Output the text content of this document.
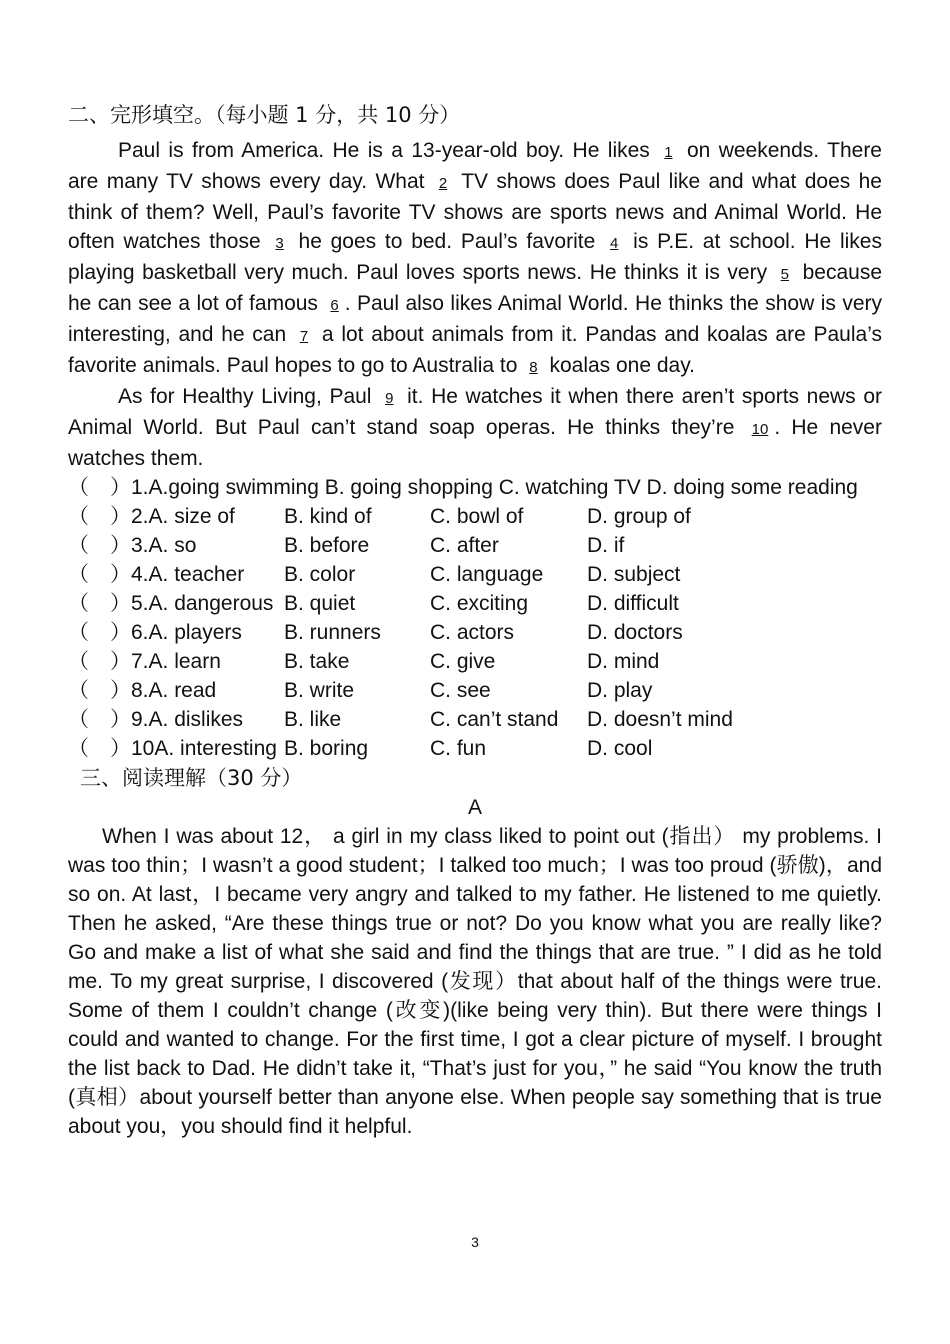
二、完形填空。（每小题 1 分，共 10 分）
Paul is from America. He is a 13-year-old boy. He likes 1 on weekends. There are many TV shows every day. What 2 TV shows does Paul like and what does he think of them? Well, Paul’s favorite TV shows are sports news and Animal World. He often watches those 3 he goes to bed. Paul’s favorite 4 is P.E. at school. He likes playing basketball very much. Paul loves sports news. He thinks it is very 5 because he can see a lot of famous 6 . Paul also likes Animal World. He thinks the show is very interesting, and he can 7 a lot about animals from it. Pandas and koalas are Paula’s favorite animals. Paul hopes to go to Australia to 8 koalas one day.
As for Healthy Living, Paul 9 it. He watches it when there aren’t sports news or Animal World. But Paul can’t stand soap operas. He thinks they’re 10 . He never watches them.
（　）1.A.going swimming B. going shopping C. watching TV D. doing some reading
（　）2.A. size of B. kind of	C. bowl of	D. group of
（　）3.A. so	B. before	C. after	D. if
（　）4.A. teacher B. color	C. language D. subject
（　）5.A. dangerous B. quiet	C. exciting	D. difficult
（　）6.A. players B. runners C. actors	D. doctors
（　）7.A. learn	B. take	C. give	D. mind
（　）8.A. read	B. write	C. see	D. play
（　）9.A. dislikes B. like	C. can’t stand D. doesn’t mind
（　）10A. interesting B. boring	C. fun	D. cool
三、阅读理解（30 分）
A
When I was about 12， a girl in my class liked to point out (指出） my problems. I was too thin；I wasn’t a good student；I talked too much；I was too proud (骄傲)，and so on. At last，I became very angry and talked to my father. He listened to me quietly. Then he asked, “Are these things true or not? Do you know what you are really like? Go and make a list of what she said and find the things that are true. ” I did as he told me. To my great surprise, I discovered (发现）that about half of the things were true. Some of them I couldn’t change (改变)(like being very thin). But there were things I could and wanted to change. For the first time, I got a clear picture of myself. I brought the list back to Dad. He didn’t take it, “That’s just for you，” he said “You know the truth (真相）about yourself better than anyone else. When people say something that is true about you，you should find it helpful.
3
